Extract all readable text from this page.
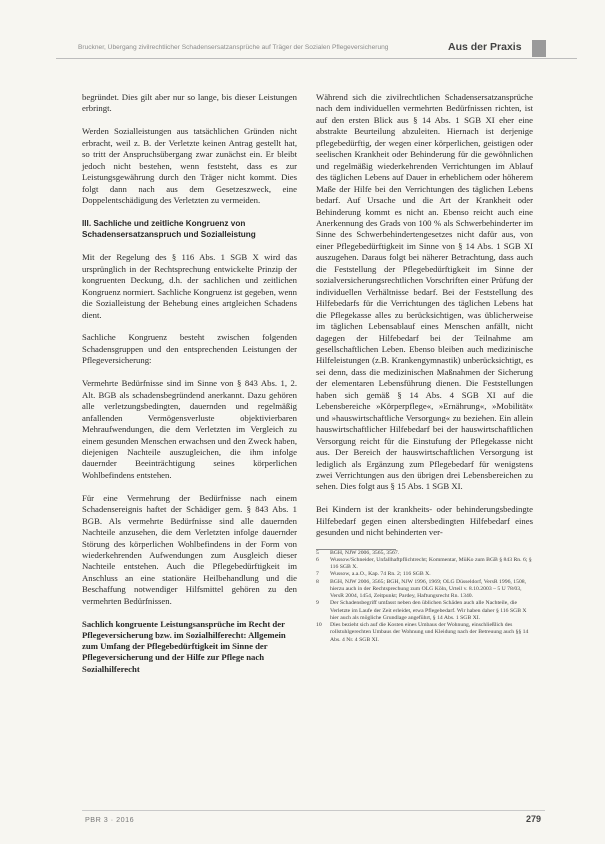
Bruckner, Übergang zivilrechtlicher Schadensersatzansprüche auf Träger der Sozialen Pflegeversicherung	Aus der Praxis

begründet. Dies gilt aber nur so lange, bis dieser Leistungen erbringt.

Werden Sozialleistungen aus tatsächlichen Gründen nicht erbracht, weil z. B. der Verletzte keinen Antrag gestellt hat, so tritt der Anspruchsübergang zwar zunächst ein. Er bleibt jedoch nicht bestehen, wenn feststeht, dass es zur Leistungsgewährung durch den Träger nicht kommt. Dies folgt dann nach aus dem Gesetzeszweck, eine Doppelentschädigung des Verletzten zu vermeiden.

III. Sachliche und zeitliche Kongruenz von Schadensersatzanspruch und Sozialleistung

Mit der Regelung des § 116 Abs. 1 SGB X wird das ursprünglich in der Rechtsprechung entwickelte Prinzip der kongruenten Deckung, d.h. der sachlichen und zeitlichen Kongruenz normiert. Sachliche Kongruenz ist gegeben, wenn die Sozialleistung der Behebung eines artgleichen Schadens dient.

Sachliche Kongruenz besteht zwischen folgenden Schadensgruppen und den entsprechenden Leistungen der Pflegeversicherung:

Vermehrte Bedürfnisse sind im Sinne von § 843 Abs. 1, 2. Alt. BGB als schadensbegründend anerkannt. Dazu gehören alle verletzungsbedingten, dauernden und regelmäßig anfallenden Vermögensverluste objektivierbaren Mehraufwendungen, die dem Verletzten im Vergleich zu einem gesunden Menschen erwachsen und den Zweck haben, diejenigen Nachteile auszugleichen, die ihm infolge dauernder Beeinträchtigung seines körperlichen Wohlbefindens entstehen.

Für eine Vermehrung der Bedürfnisse nach einem Schadensereignis haftet der Schädiger gem. § 843 Abs. 1 BGB. Als vermehrte Bedürfnisse sind alle dauernden Nachteile anzusehen, die dem Verletzten infolge dauernder Störung des körperlichen Wohlbefindens in der Form von wiederkehrenden Aufwendungen zum Ausgleich dieser Nachteile entstehen. Auch die Pflegebedürftigkeit im Anschluss an eine stationäre Heilbehandlung und die Beschaffung notwendiger Hilfsmittel gehören zu den vermehrten Bedürfnissen.

Sachlich kongruente Leistungsansprüche im Recht der Pflegeversicherung bzw. im Sozialhilferecht: Allgemein zum Umfang der Pflegebedürftigkeit im Sinne der Pflegeversicherung und der Hilfe zur Pflege nach Sozialhilferecht

Während sich die zivilrechtlichen Schadensersatzansprüche nach dem individuellen vermehrten Bedürfnissen richten, ist auf den ersten Blick aus § 14 Abs. 1 SGB XI eher eine abstrakte Beurteilung abzuleiten. Hiernach ist derjenige pflegebedürftig, der wegen einer körperlichen, geistigen oder seelischen Krankheit oder Behinderung für die gewöhnlichen und regelmäßig wiederkehrenden Verrichtungen im Ablauf des täglichen Lebens auf Dauer in erheblichem oder höherem Maße der Hilfe bei den Verrichtungen des täglichen Lebens bedarf. Auf Ursache und die Art der Krankheit oder Behinderung kommt es nicht an. Ebenso reicht auch eine Anerkennung des Grads von 100 % als Schwerbehinderter im Sinne des Schwerbehindertengesetzes nicht dafür aus, von einer Pflegebedürftigkeit im Sinne von § 14 Abs. 1 SGB XI auszugehen. Daraus folgt bei näherer Betrachtung, dass auch die Feststellung der Pflegebedürftigkeit im Sinne der sozialversicherungsrechtlichen Vorschriften einer Prüfung der individuellen Verhältnisse bedarf. Bei der Feststellung des Hilfebedarfs für die Verrichtungen des täglichen Lebens hat die Pflegekasse alles zu berücksichtigen, was üblicherweise im täglichen Lebensablauf eines Menschen anfällt, nicht dagegen der Hilfebedarf bei der Teilnahme am gesellschaftlichen Leben. Ebenso bleiben auch medizinische Hilfeleistungen (z.B. Krankengymnastik) unberücksichtigt, es sei denn, dass die medizinischen Maßnahmen der Sicherung der elementaren Lebensführung dienen. Die Feststellungen haben sich gemäß § 14 Abs. 4 SGB XI auf die Lebensbereiche »Körperpflege«, »Ernährung«, »Mobilität« und »hauswirtschaftliche Versorgung« zu beziehen. Ein allein hauswirtschaftlicher Hilfebedarf bei der hauswirtschaftlichen Versorgung reicht für die Einstufung der Pflegekasse nicht aus. Der Bereich der hauswirtschaftlichen Versorgung ist lediglich als Ergänzung zum Pflegebedarf für wenigstens zwei Verrichtungen aus den übrigen drei Lebensbereichen zu sehen. Dies folgt aus § 15 Abs. 1 SGB XI.

Bei Kindern ist der krankheits- oder behinderungsbedingte Hilfebedarf gegen einen altersbedingten Hilfebedarf eines gesunden und nicht behinderten ver-

5	BGH, NJW 2006, 3565, 3567.
6	Wussow/Schneider, Unfallhaftpflichtrecht; Kommentar, MüKo zum BGB § 843 Rn. 6; § 116 SGB X.
7	Wussow, a.a.O., Kap. 74 Rn. 2; 116 SGB X.
8	BGH, NJW 2006, 3565; BGH, NJW 1996, 1969; OLG Düsseldorf, VersR 1996, 1508, hierzu auch in der Rechtsprechung zum OLG Köln, Urteil v. 8.10.2003 – 5 U 78/03, VersR 2004, 1454, Zeitpunkt; Pardey, Haftungsrecht Rn. 1340.
9	Der Schadensbegriff umfasst neben den üblichen Schäden auch alle Nachteile, die Verletzte im Laufe der Zeit erleidet, etwa Pflegebedarf. Wir haben daher § 116 SGB X hier auch als mögliche Grundlage angeführt, § 14 Abs. 1 SGB XI.
10	Dies bezieht sich auf die Kosten eines Umbaus der Wohnung, einschließlich des rollstuhlgerechten Umbaus der Wohnung und Kleidung nach der Betreuung auch §§ 14 Abs. 4 Nr. 4 SGB XI.
PBR 3 · 2016	279
